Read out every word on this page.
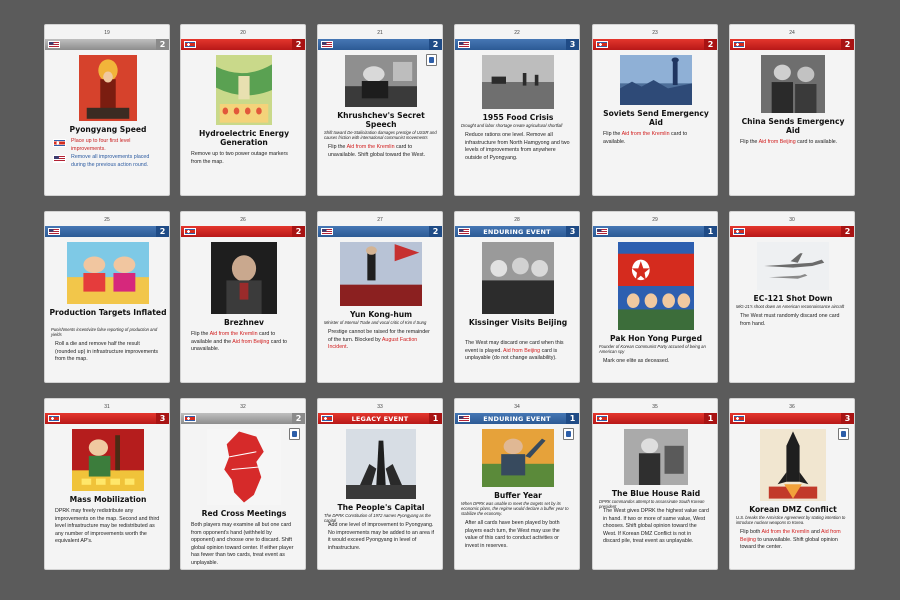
19
2
Pyongyang Speed
Place up to four first level improvements.
Remove all improvements placed during the previous action round.
20
2
Hydroelectric Energy Generation
Remove up to two power outage markers from the map.
21
2
Khrushchev's Secret Speech
Shift toward De-Stalinization damages prestige of USSR and causes friction with international communist movements
Flip the Aid from the Kremlin card to unavailable. Shift global toward the West.
22
3
1955 Food Crisis
Drought and labor shortage create agricultural shortfall
Reduce rations one level. Remove all infrastructure from North Hamgyong and two levels of improvements from anywhere outside of Pyongyang.
23
2
Soviets Send Emergency Aid
Flip the Aid from the Kremlin card to available.
24
2
China Sends Emergency Aid
Flip the Aid from Beijing card to available.
25
2
Production Targets Inflated
Punishments incentivize false reporting of production and yields
Roll a die and remove half the result (rounded up) in infrastructure improvements from the map.
26
2
Brezhnev
Flip the Aid from the Kremlin card to available and the Aid from Beijing card to unavailable.
27
2
Yun Kong-hum
Minister of Internal Trade and vocal critic of Kim Il Sung
Prestige cannot be raised for the remainder of the turn. Blocked by August Faction Incident.
28
ENDURING EVENT	3
Kissinger Visits Beijing
The West may discard one card when this event is played. Aid from Beijing card is unplayable (do not change availability).
29
1
Pak Hon Yong Purged
Founder of Korean Communist Party accused of being an American spy
Mark one elite as deceased.
30
2
EC-121 Shot Down
MiG-21's shoot down an American reconnaissance aircraft
The West must randomly discard one card from hand.
31
3
Mass Mobilization
DPRK may freely redistribute any improvements on the map. Second and third level infrastructure may be redistributed as any number of improvements worth the equivalent AP's.
32
2
Red Cross Meetings
Both players may examine all but one card from opponent's hand (withheld by opponent) and choose one to discard. Shift global opinion toward center. If either player has fewer than two cards, treat event as unplayable.
33
LEGACY EVENT	1
The People's Capital
The DPRK Constitution of 1972 names Pyongyang as the capital
Add one level of improvement to Pyongyang. No improvements may be added to an area if it would exceed Pyongyang in level of infrastructure.
34
ENDURING EVENT	1
Buffer Year
When DPRK was unable to meet the targets set by its economic plans, the regime would declare a buffer year to stabilize the economy.
After all cards have been played by both players each turn, the West may use the value of this card to conduct activities or invest in reserves.
35
1
The Blue House Raid
DPRK commandos attempt to assassinate South Korean president
The West gives DPRK the highest value card in hand. If two or more of same value, West chooses. Shift global opinion toward the West. If Korean DMZ Conflict is not in discard pile, treat event as unplayable.
36
3
Korean DMZ Conflict
U.S. breaks the Armistice Agreement by stating intention to introduce nuclear weapons to Korea.
Flip both Aid from the Kremlin and Aid from Beijing to unavailable. Shift global opinion toward the center.
